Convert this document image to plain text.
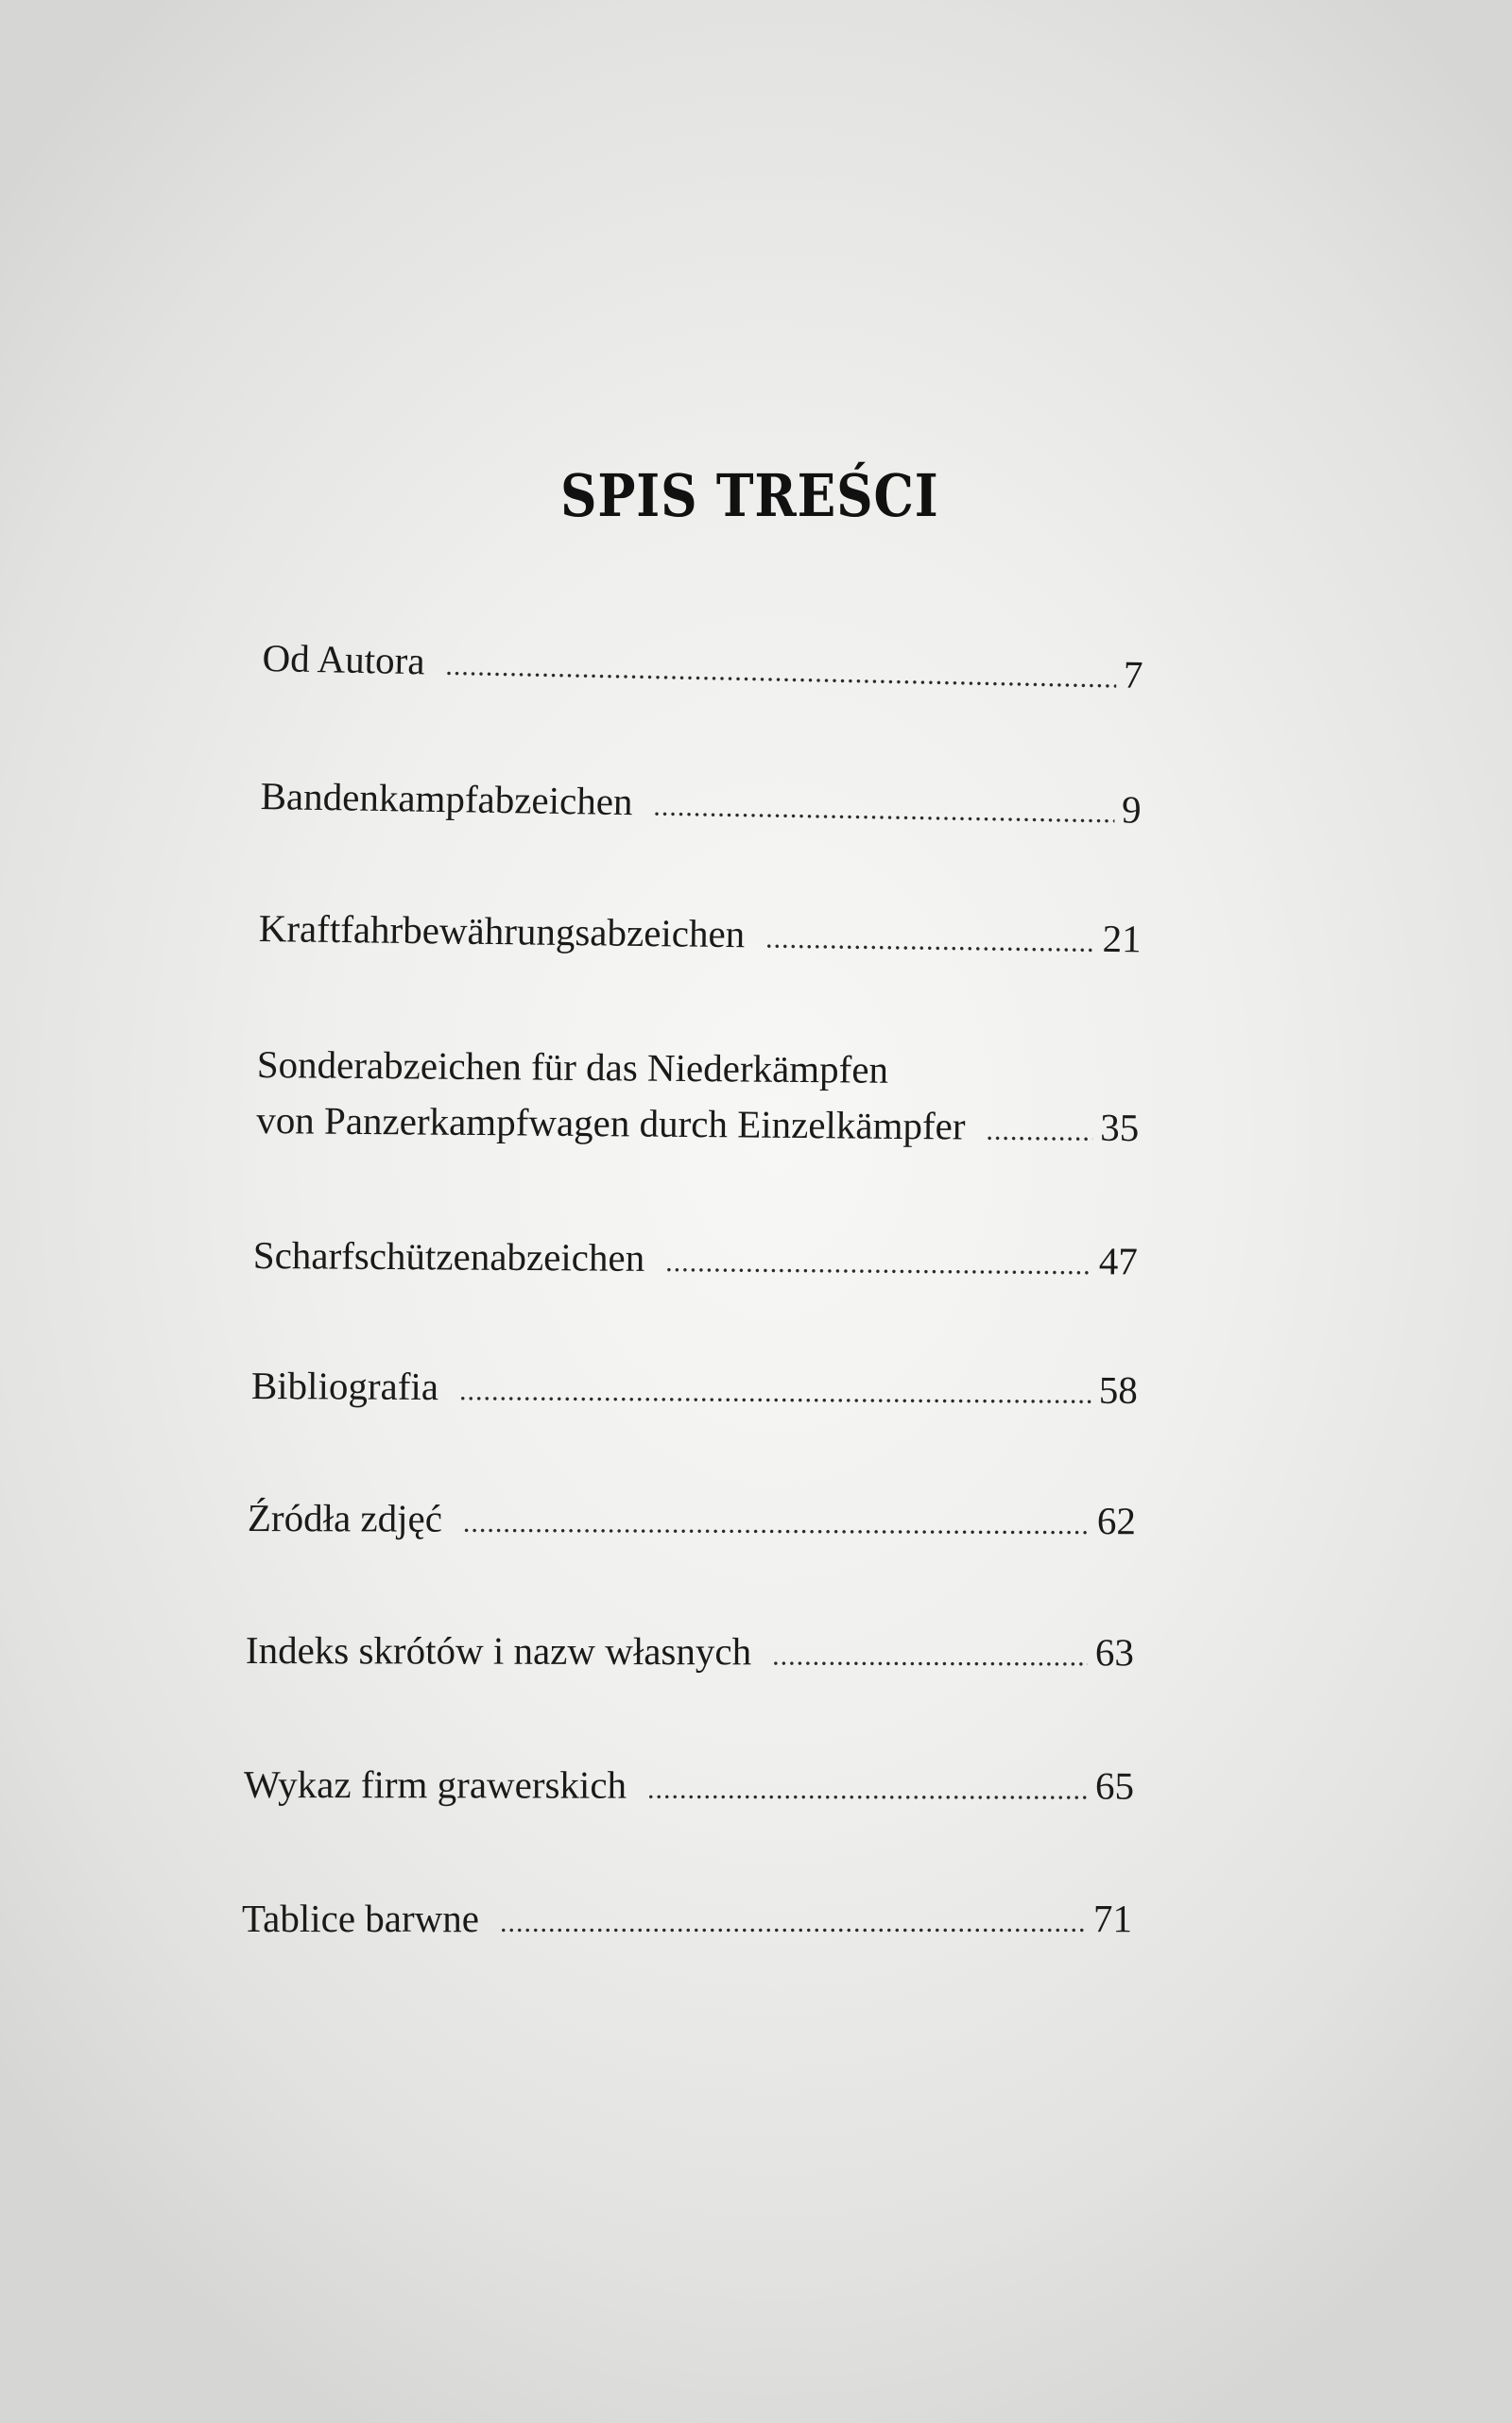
SPIS TREŚCI
Od Autora .....	7
Bandenkampfabzeichen .....	9
Kraftfahrbewährungsabzeichen .....	21
Sonderabzeichen für das Niederkämpfen
von Panzerkampfwagen durch Einzelkämpfer .....	35
Scharfschützenabzeichen .....	47
Bibliografia .....	58
Źródła zdjęć .....	62
Indeks skrótów i nazw własnych .....	63
Wykaz firm grawerskich .....	65
Tablice barwne .....	71
